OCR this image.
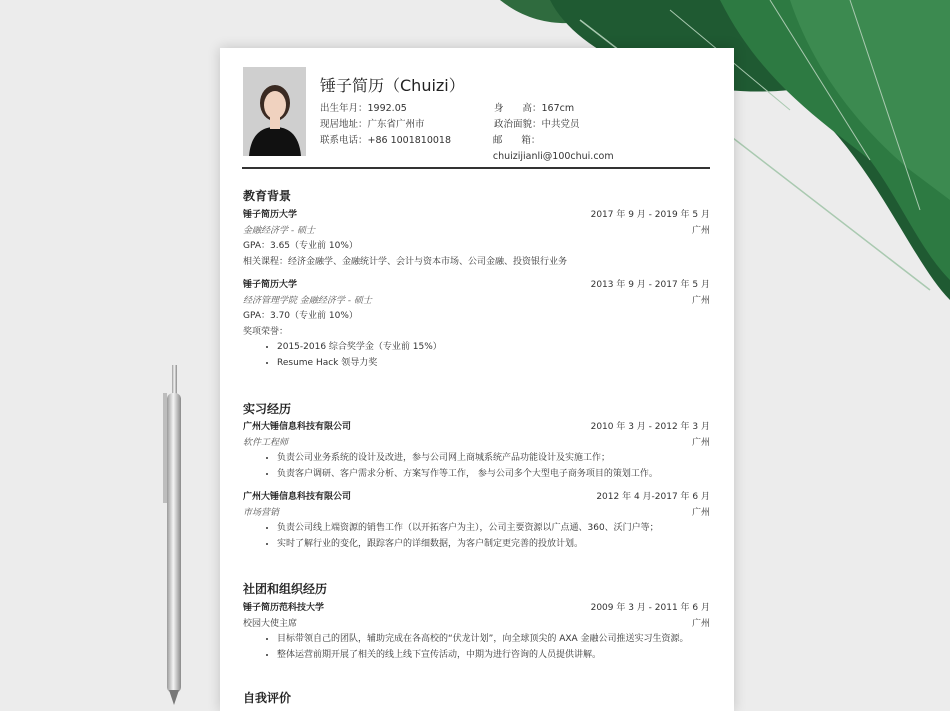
锤子简历（Chuizi）
出生年月：1992.05	身　　高：167cm
现居地址：广东省广州市	政治面貌：中共党员
联系电话：+86 1001810018	邮　　箱：chuizijianli@100chui.com
教育背景
锤子简历大学	2017 年 9 月 - 2019 年 5 月
金融经济学 - 硕士	广州
GPA：3.65（专业前 10%）
相关课程：经济金融学、金融统计学、会计与资本市场、公司金融、投资银行业务
锤子简历大学	2013 年 9 月 - 2017 年 5 月
经济管理学院 金融经济学 - 硕士	广州
GPA：3.70（专业前 10%）
奖项荣誉：
• 2015-2016 综合奖学金（专业前 15%）
• Resume Hack 领导力奖
实习经历
广州大锤信息科技有限公司	2010 年 3 月 - 2012 年 3 月
软件工程师	广州
• 负责公司业务系统的设计及改进，参与公司网上商城系统产品功能设计及实施工作；
• 负责客户调研、客户需求分析、方案写作等工作， 参与公司多个大型电子商务项目的策划工作。
广州大锤信息科技有限公司	2012 年 4 月-2017 年 6 月
市场营销	广州
• 负责公司线上端资源的销售工作（以开拓客户为主），公司主要资源以广点通、360、沃门户等；
• 实时了解行业的变化，跟踪客户的详细数据，为客户制定更完善的投放计划。
社团和组织经历
锤子简历范科技大学	2009 年 3 月 - 2011 年 6 月
校园大使主席	广州
• 目标带领自己的团队，辅助完成在各高校的“伏龙计划”，向全球顶尖的 AXA 金融公司推送实习生资源。
• 整体运营前期开展了相关的线上线下宣传活动，中期为进行咨询的人员提供讲解。
自我评价
